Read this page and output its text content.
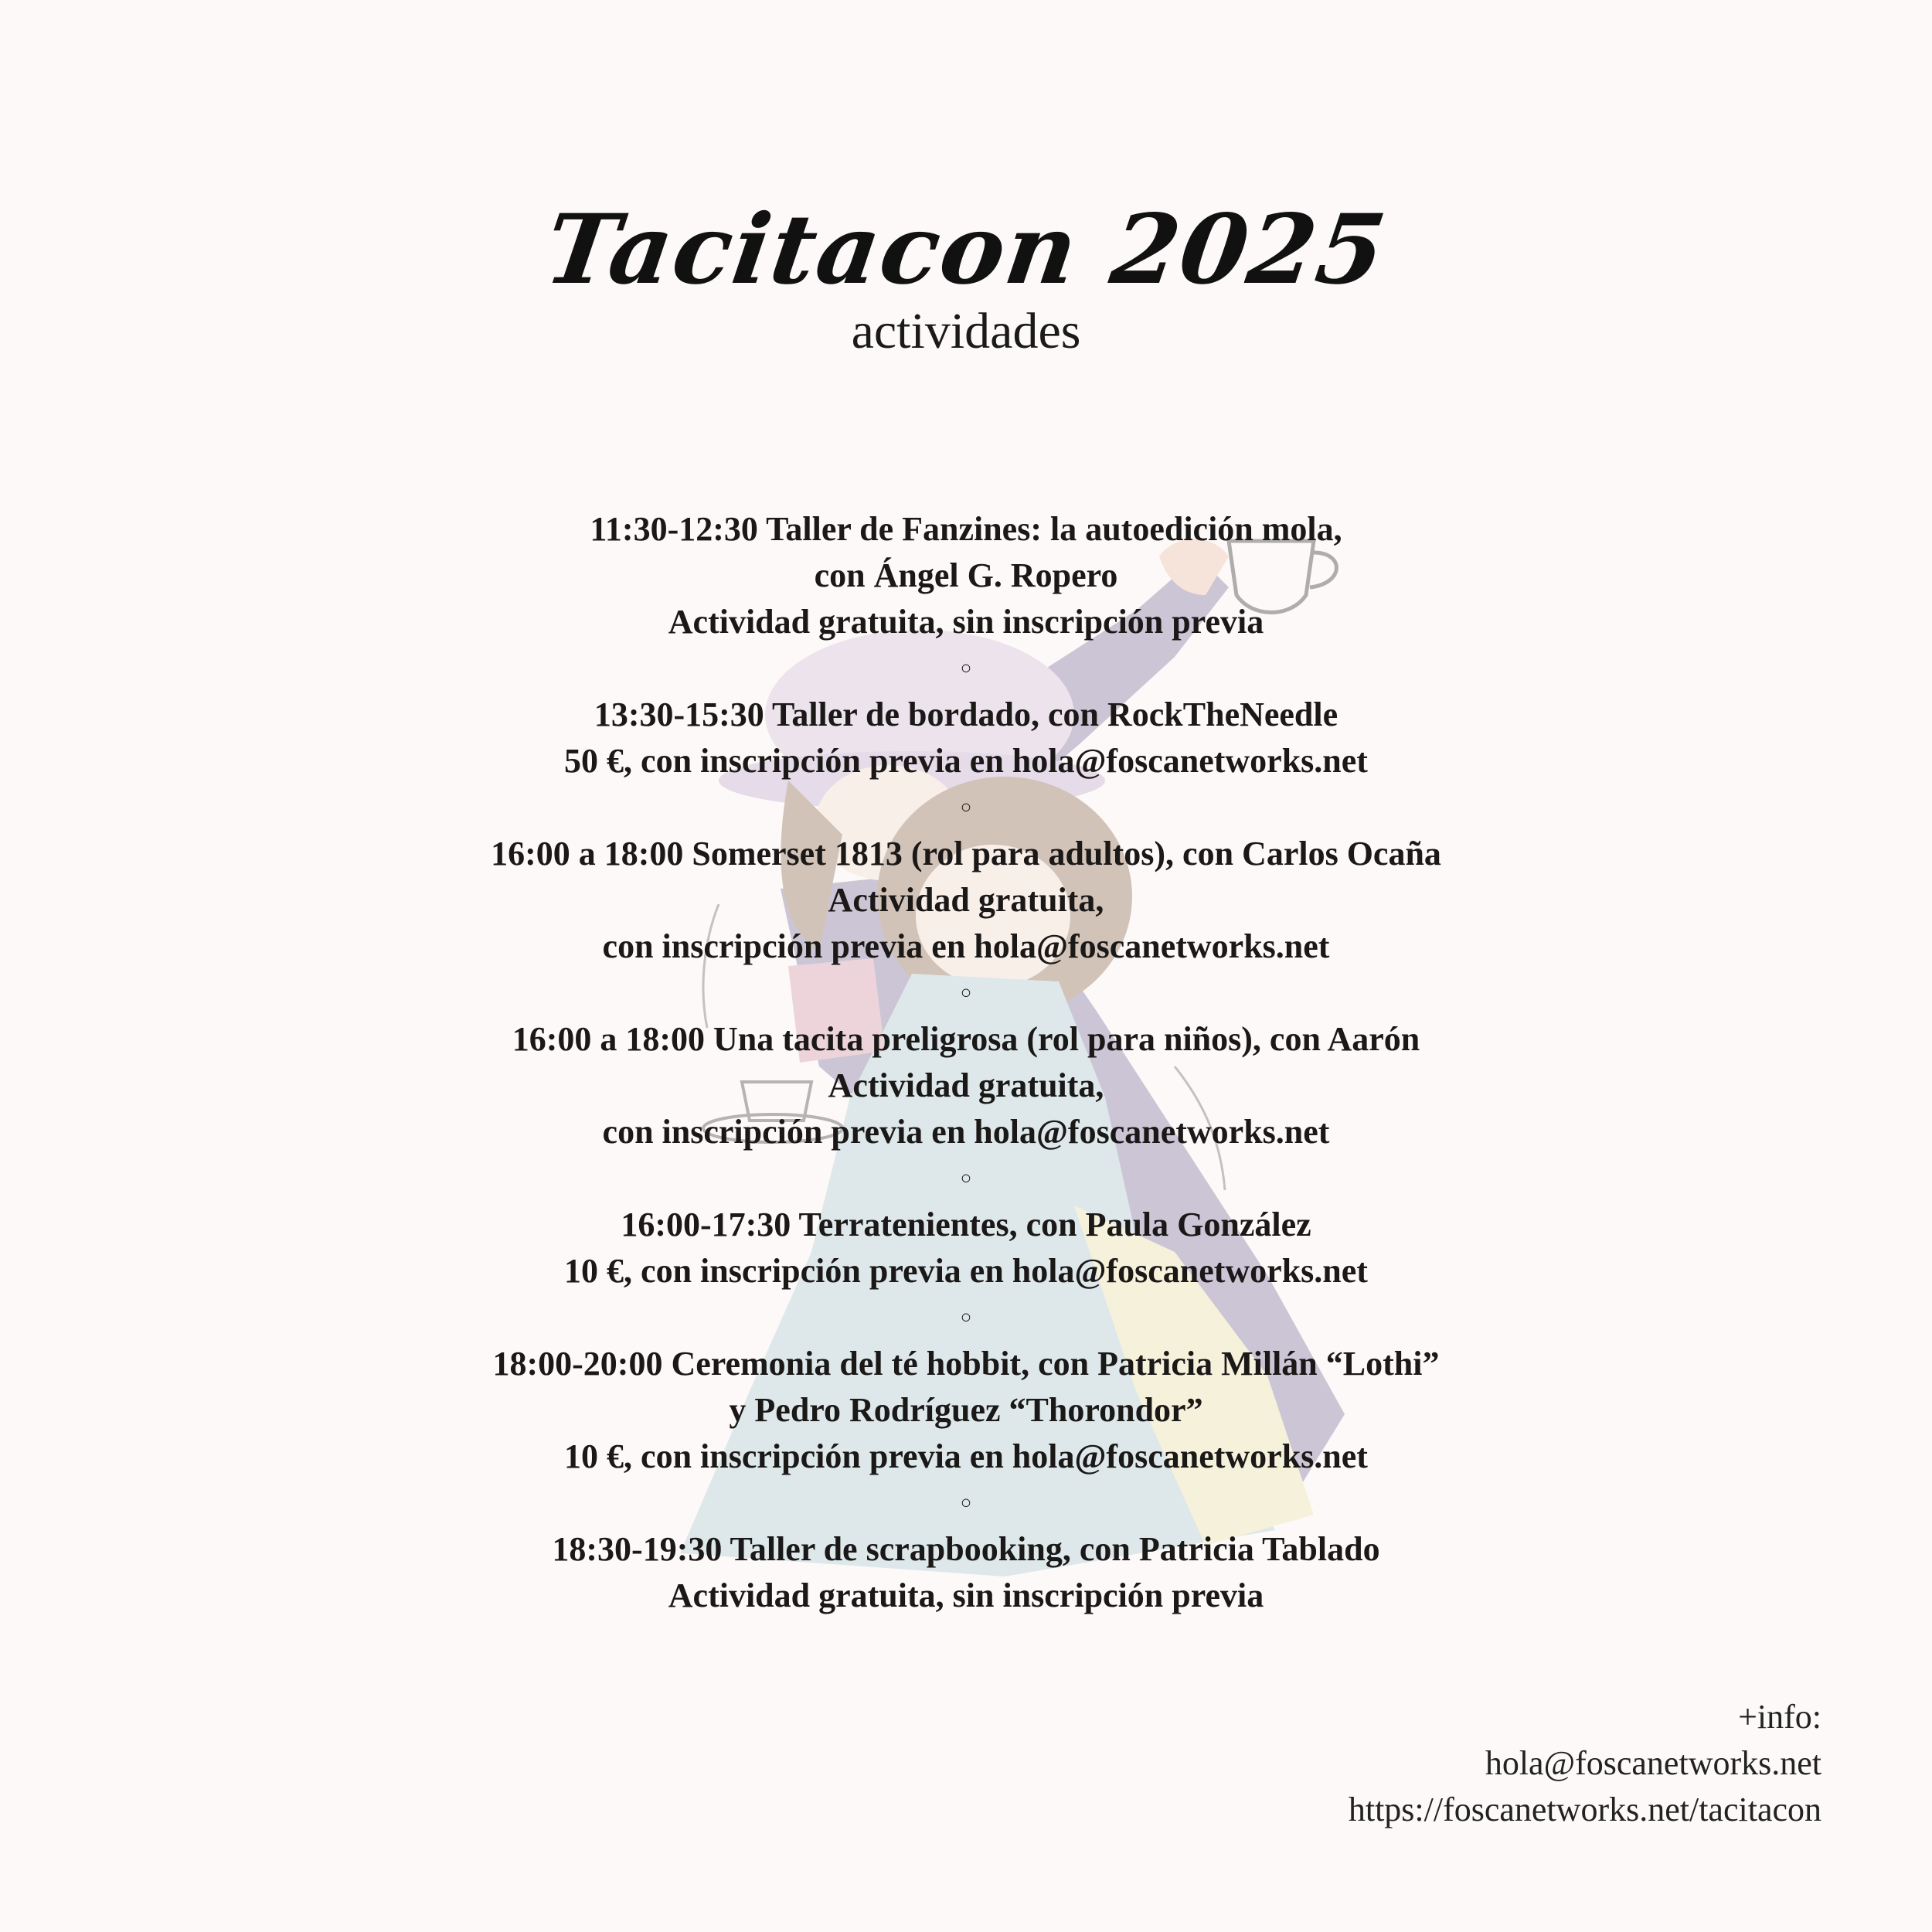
Tacitacon 2025
actividades
11:30-12:30 Taller de Fanzines: la autoedición mola,
con Ángel G. Ropero
Actividad gratuita, sin inscripción previa
○
13:30-15:30 Taller de bordado, con RockTheNeedle
50 €, con inscripción previa en hola@foscanetworks.net
○
16:00 a 18:00 Somerset 1813 (rol para adultos), con Carlos Ocaña
Actividad gratuita,
con inscripción previa en hola@foscanetworks.net
○
16:00 a 18:00 Una tacita preligrosa (rol para niños), con Aarón
Actividad gratuita,
con inscripción previa en hola@foscanetworks.net
○
16:00-17:30 Terratenientes, con Paula González
10 €, con inscripción previa en hola@foscanetworks.net
○
18:00-20:00 Ceremonia del té hobbit, con Patricia Millán “Lothi”
y Pedro Rodríguez “Thorondor”
10 €, con inscripción previa en hola@foscanetworks.net
○
18:30-19:30 Taller de scrapbooking, con Patricia Tablado
Actividad gratuita, sin inscripción previa
+info:
hola@foscanetworks.net
https://foscanetworks.net/tacitacon
